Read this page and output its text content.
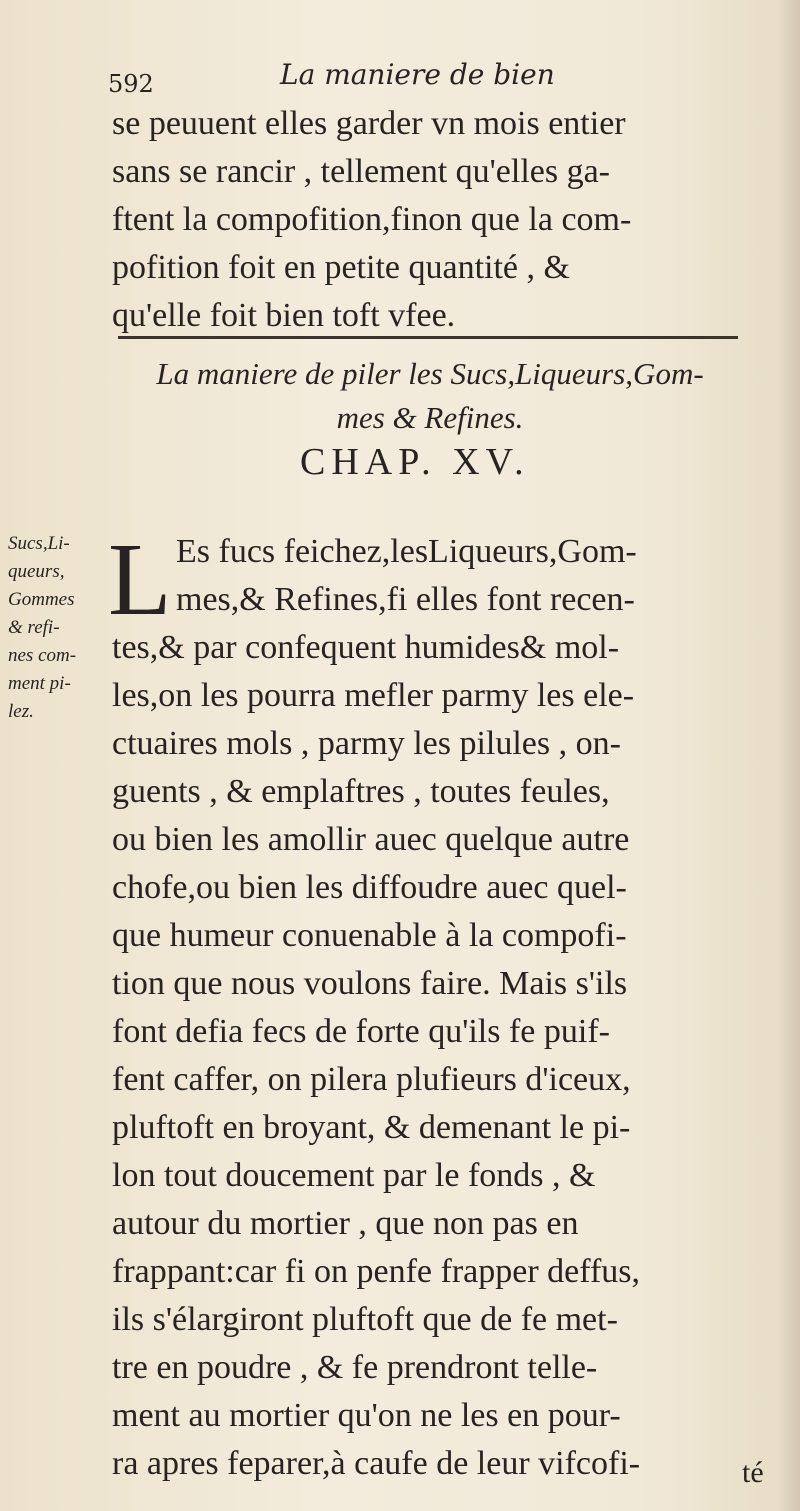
592	La maniere de bien
se peuuent elles garder vn mois entier
sans se rancir , tellement qu'elles ga-
ftent la compofition,finon que la com-
pofition foit en petite quantité , &
qu'elle foit bien toft vfee.
La maniere de piler les Sucs,Liqueurs,Gom-
mes & Refines.
CHAP. XV.
Sucs,Li-
queurs,
Gommes
& refi-
nes com-
ment pi-
lez.
L Es fucs feichez,lesLiqueurs,Gom-
mes,& Refines,fi elles font recen-
tes,& par confequent humides& mol-
les,on les pourra mefler parmy les ele-
ctuaires mols , parmy les pilules , on-
guents , & emplaftres , toutes feules,
ou bien les amollir auec quelque autre
chofe,ou bien les diffoudre auec quel-
que humeur conuenable à la compofi-
tion que nous voulons faire. Mais s'ils
font defia fecs de forte qu'ils fe puif-
fent caffer, on pilera plufieurs d'iceux,
pluftoft en broyant, & demenant le pi-
lon tout doucement par le fonds , &
autour du mortier , que non pas en
frappant:car fi on penfe frapper deffus,
ils s'élargiront pluftoft que de fe met-
tre en poudre , & fe prendront telle-
ment au mortier qu'on ne les en pour-
ra apres feparer,à caufe de leur vifcofi-	té
